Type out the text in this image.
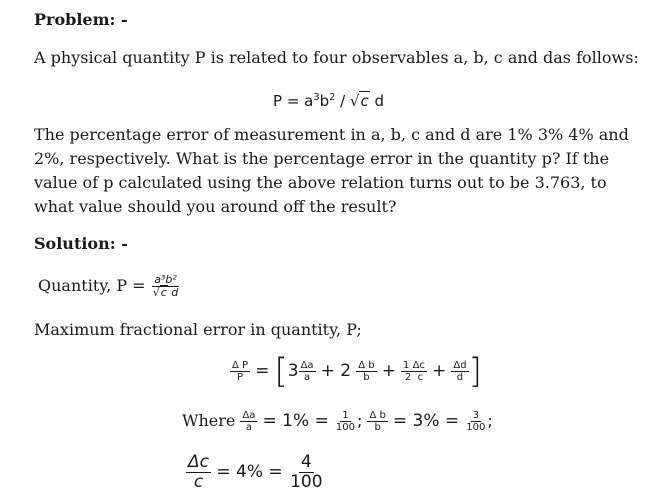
Problem: -
A physical quantity P is related to four observables a, b, c and das follows:
$P = a^3b^2 / √c$ d
The percentage error of measurement in a, b, c and d are 1% 3% 4% and 2%, respectively. What is the percentage error in the quantity p? If the value of p calculated using the above relation turns out to be 3.763, to what value should you around off the result?
Solution: -
Quantity, $P = \frac{\text{a³b²}}{\text{√c d}}$
Maximum fractional error in quantity, P;
$\frac{\text{Δ P}}{P} = [3 \frac{\Delta a}{a} + 2 \frac{\text{Δ b}}{b} + \frac{1 \Delta c}{2 c} + \frac{\Delta d}{d}$ ]
Where $\frac{\Delta a}{a} = 1\% = \frac{1}{100}$ ; $\frac{\text{Δ b}}{b} = 3\% = \frac{3}{100}$ ;
$\frac{\Delta c}{c} = 4\% = \frac{4}{100}$
